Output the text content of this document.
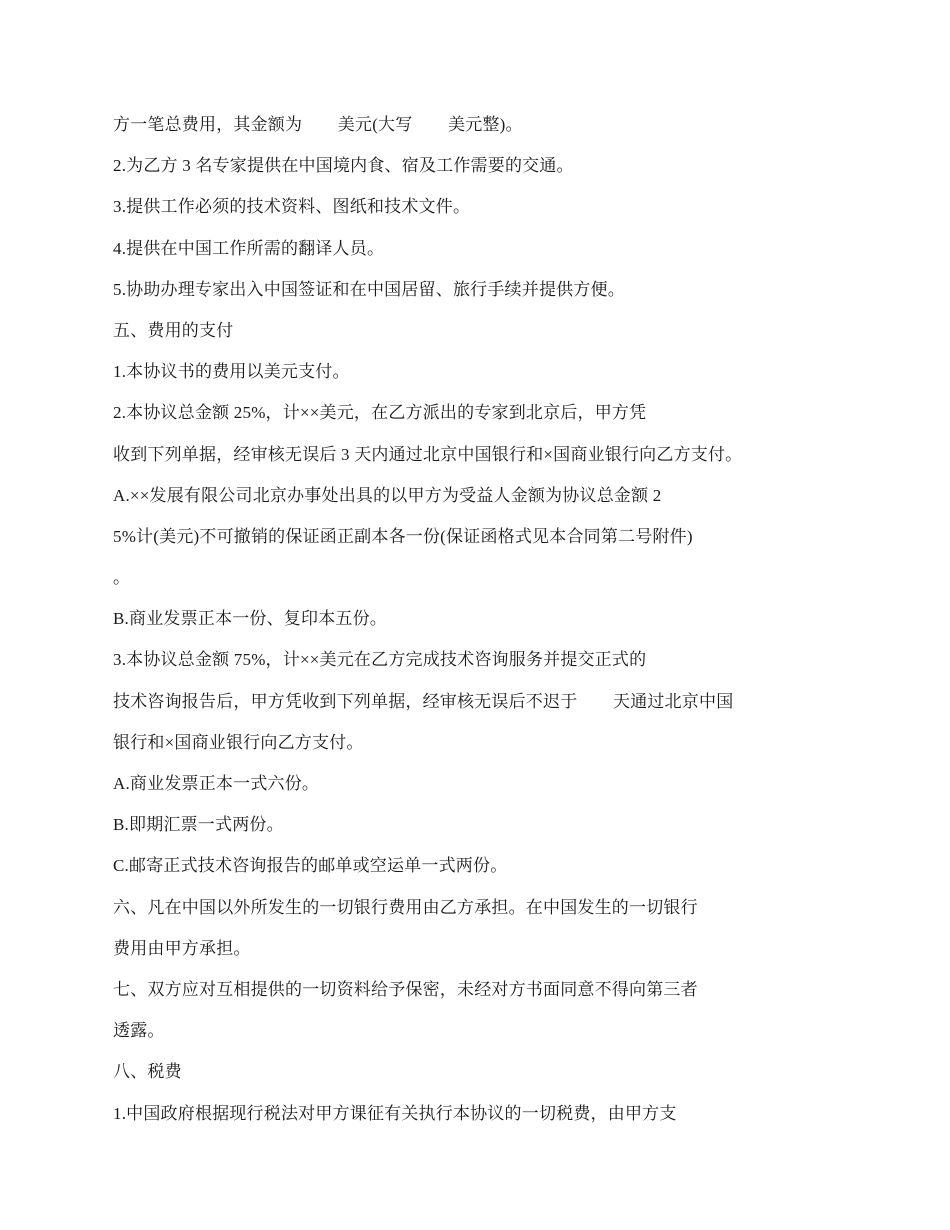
方一笔总费用，其金额为        美元(大写        美元整)。
2.为乙方 3 名专家提供在中国境内食、宿及工作需要的交通。
3.提供工作必须的技术资料、图纸和技术文件。
4.提供在中国工作所需的翻译人员。
5.协助办理专家出入中国签证和在中国居留、旅行手续并提供方便。
五、费用的支付
1.本协议书的费用以美元支付。
2.本协议总金额 25%，计××美元，在乙方派出的专家到北京后，甲方凭
收到下列单据，经审核无误后 3 天内通过北京中国银行和×国商业银行向乙方支付。
A.××发展有限公司北京办事处出具的以甲方为受益人金额为协议总金额 2
5%计(美元)不可撤销的保证函正副本各一份(保证函格式见本合同第二号附件)
。
B.商业发票正本一份、复印本五份。
3.本协议总金额 75%，计××美元在乙方完成技术咨询服务并提交正式的
技术咨询报告后，甲方凭收到下列单据，经审核无误后不迟于        天通过北京中国
银行和×国商业银行向乙方支付。
A.商业发票正本一式六份。
B.即期汇票一式两份。
C.邮寄正式技术咨询报告的邮单或空运单一式两份。
六、凡在中国以外所发生的一切银行费用由乙方承担。在中国发生的一切银行
费用由甲方承担。
七、双方应对互相提供的一切资料给予保密，未经对方书面同意不得向第三者
透露。
八、税费
1.中国政府根据现行税法对甲方课征有关执行本协议的一切税费，由甲方支
